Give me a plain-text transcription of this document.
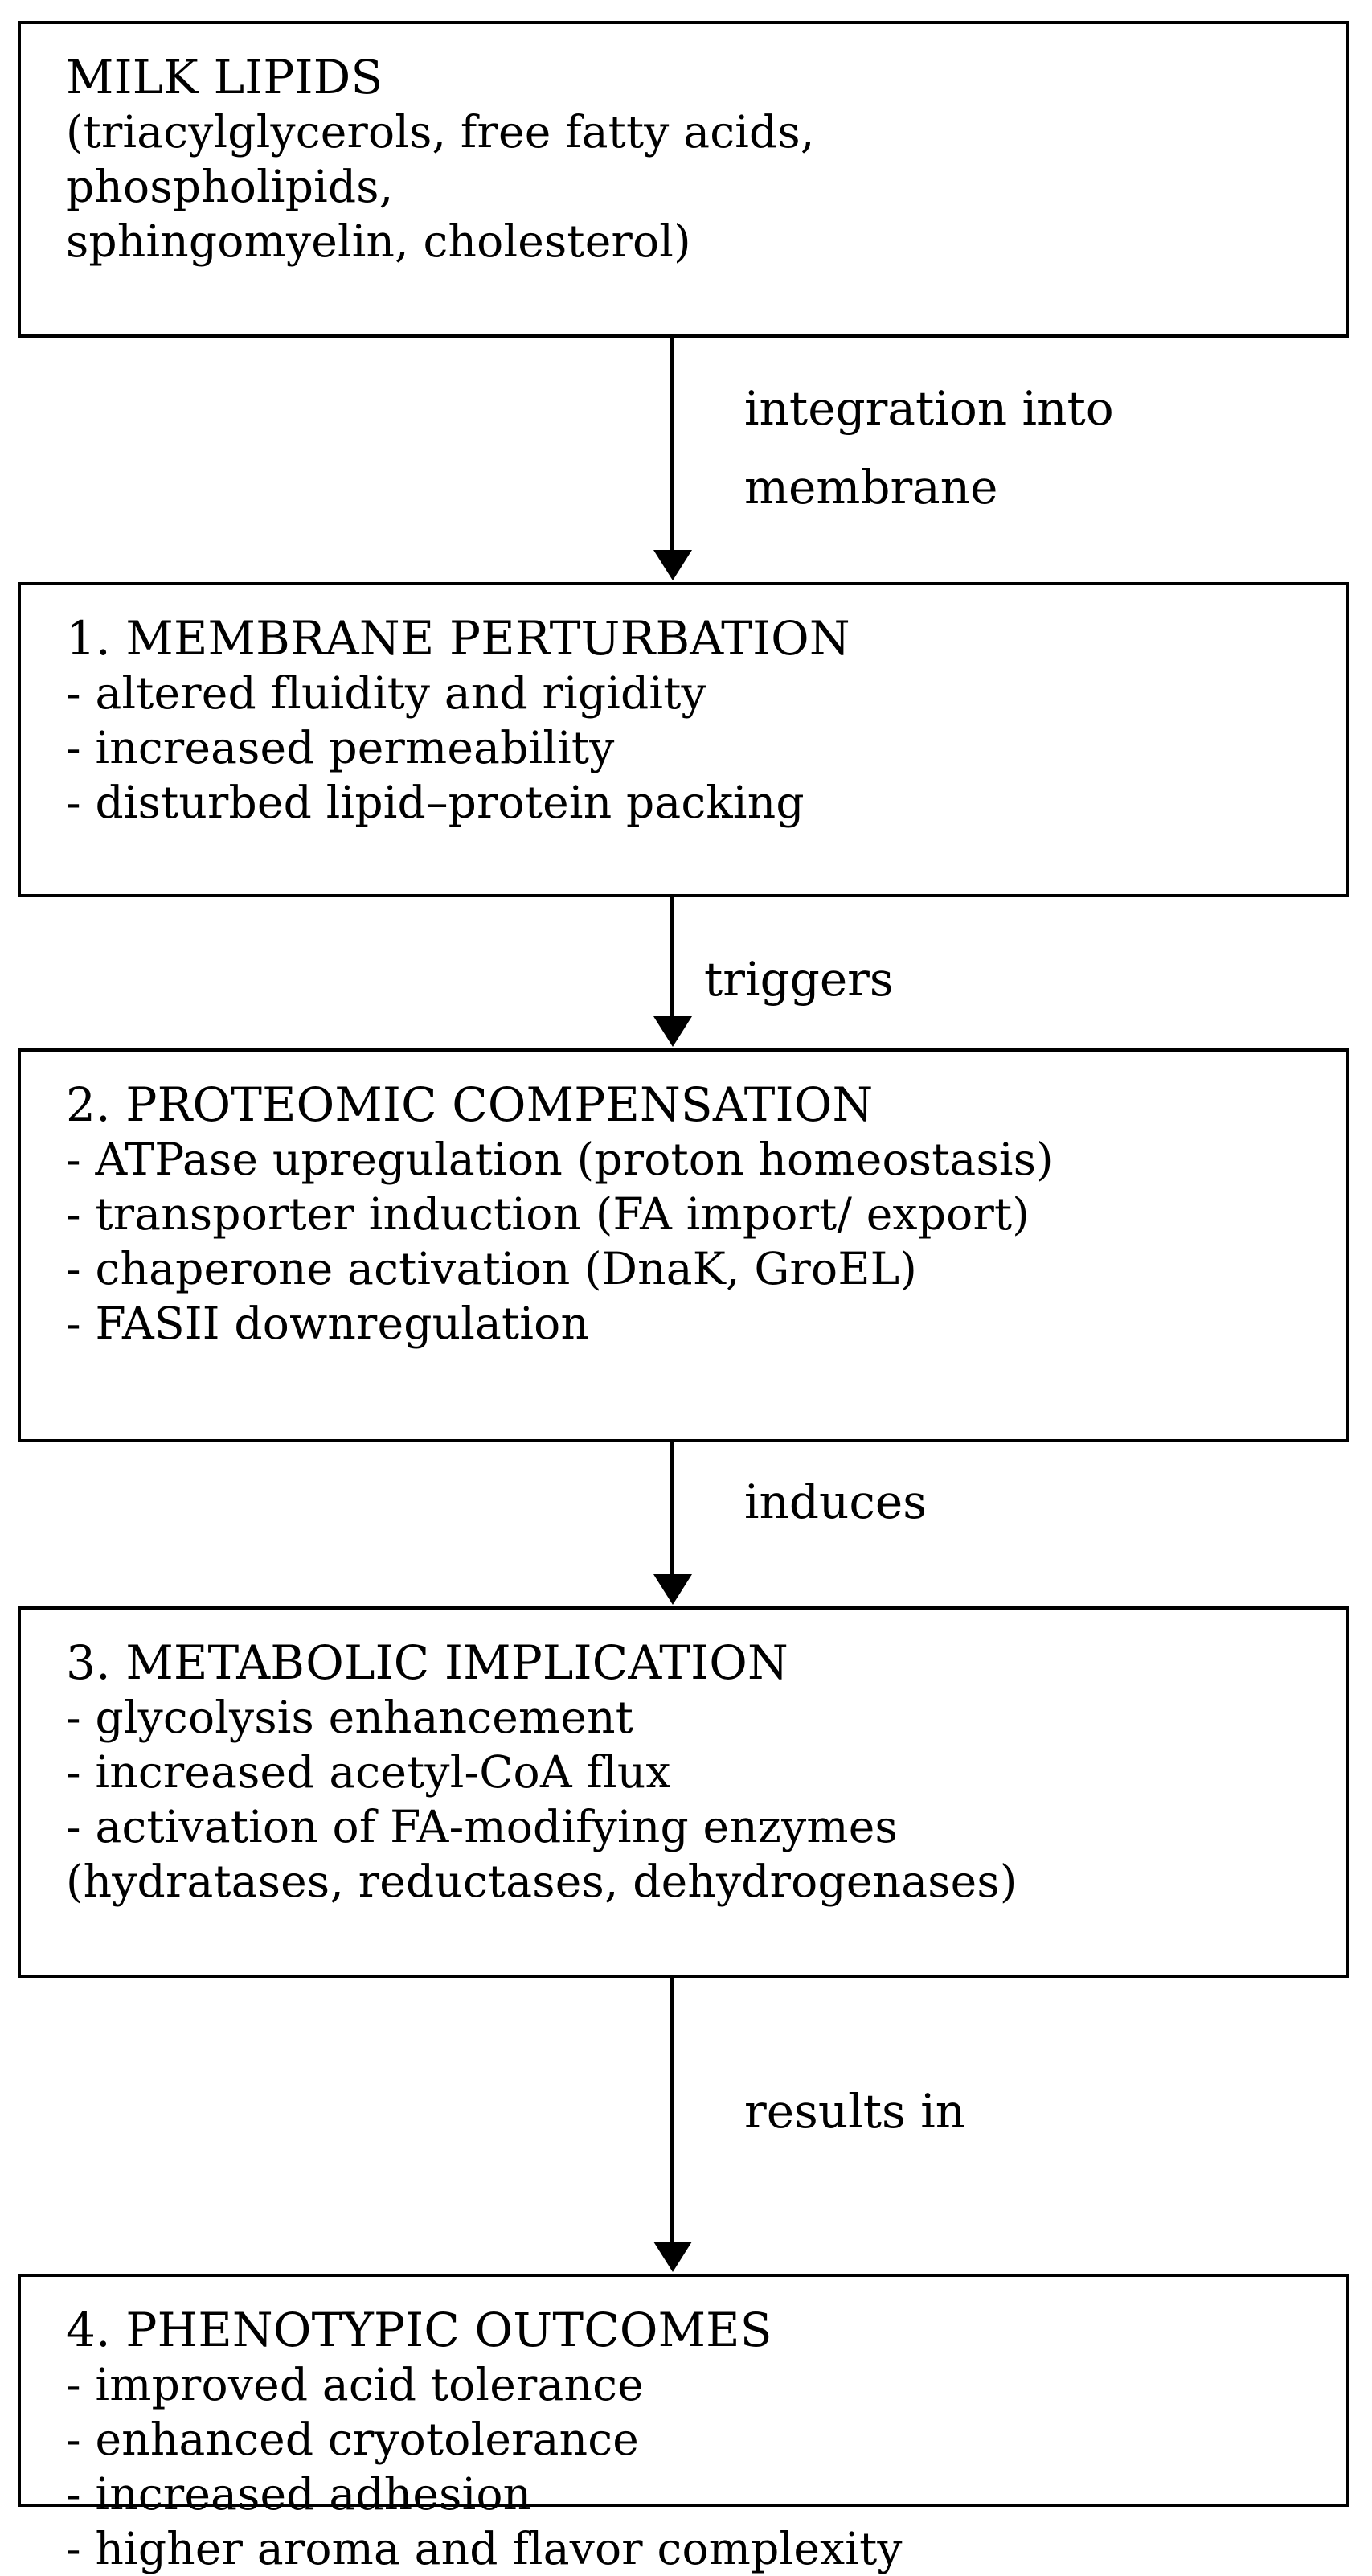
MILK LIPIDS
(triacylglycerols, free fatty acids,
phospholipids,
sphingomyelin, cholesterol)
integration into
membrane
1. MEMBRANE PERTURBATION
- altered fluidity and rigidity
- increased permeability
- disturbed lipid–protein packing
triggers
2. PROTEOMIC COMPENSATION
- ATPase upregulation (proton homeostasis)
- transporter induction (FA import/ export)
- chaperone activation (DnaK, GroEL)
- FASII downregulation
induces
3. METABOLIC IMPLICATION
- glycolysis enhancement
- increased acetyl-CoA flux
- activation of FA-modifying enzymes
(hydratases, reductases, dehydrogenases)
results in
4. PHENOTYPIC OUTCOMES
- improved acid tolerance
- enhanced cryotolerance
- increased adhesion
- higher aroma and flavor complexity
